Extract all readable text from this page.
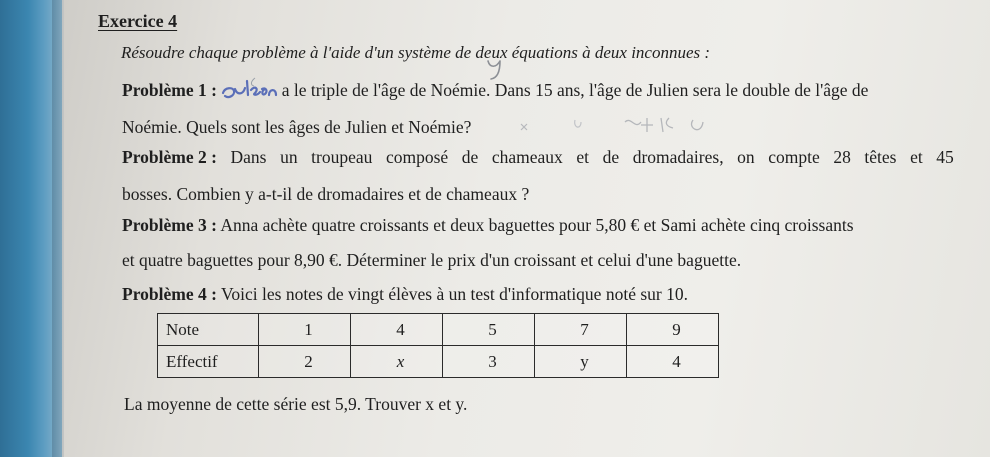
Exercice 4
Résoudre chaque problème à l'aide d'un système de deux équations à deux inconnues :
Problème 1 :	a le triple de l'âge de Noémie. Dans 15 ans, l'âge de Julien sera le double de l'âge de
Noémie. Quels sont les âges de Julien et Noémie?
Problème 2 : Dans un troupeau composé de chameaux et de dromadaires, on compte 28 têtes et 45
bosses. Combien y a-t-il de dromadaires et de chameaux ?
Problème 3 : Anna achète quatre croissants et deux baguettes pour 5,80 € et Sami achète cinq croissants
et quatre baguettes pour 8,90 €. Déterminer le prix d'un croissant et celui d'une baguette.
Problème 4 : Voici les notes de vingt élèves à un test d'informatique noté sur 10.
Note	1	4	5	7	9
Effectif	2	x	3	y	4
La moyenne de cette série est 5,9. Trouver x et y.
